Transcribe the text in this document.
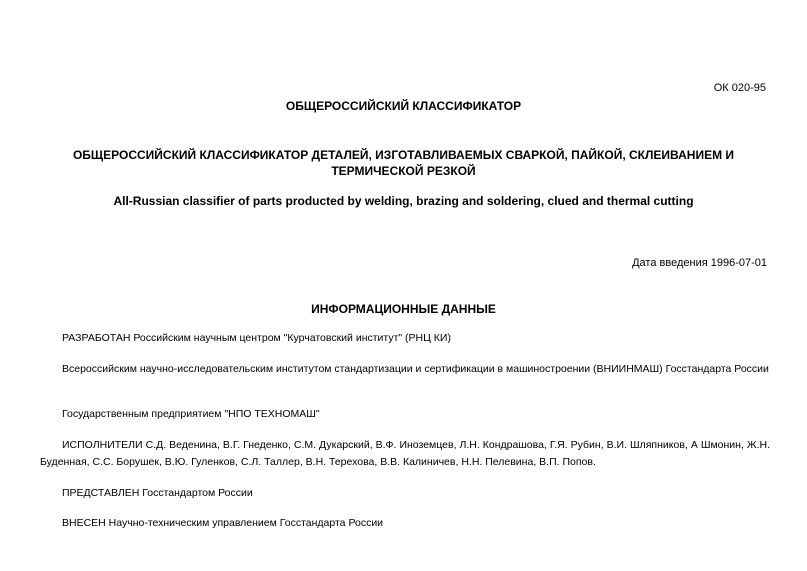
ОК 020-95
ОБЩЕРОССИЙСКИЙ КЛАССИФИКАТОР
ОБЩЕРОССИЙСКИЙ КЛАССИФИКАТОР ДЕТАЛЕЙ, ИЗГОТАВЛИВАЕМЫХ СВАРКОЙ, ПАЙКОЙ, СКЛЕИВАНИЕМ И ТЕРМИЧЕСКОЙ РЕЗКОЙ
All-Russian classifier of parts producted by welding, brazing and soldering, clued and thermal cutting
Дата введения 1996-07-01
ИНФОРМАЦИОННЫЕ ДАННЫЕ
РАЗРАБОТАН Российским научным центром "Курчатовский институт" (РНЦ КИ)
Всероссийским научно-исследовательским институтом стандартизации и сертификации в машиностроении (ВНИИНМАШ) Госстандарта России
Государственным предприятием "НПО ТЕХНОМАШ"
ИСПОЛНИТЕЛИ С.Д. Веденина, В.Г. Гнеденко, С.М. Дукарский, В.Ф. Иноземцев, Л.Н. Кондрашова, Г.Я. Рубин, В.И. Шляпников, А Шмонин, Ж.Н. Буденная, С.С. Борушек, В.Ю. Гуленков, С.Л. Таллер, В.Н. Терехова, В.В. Калиничев, Н.Н. Пелевина, В.П. Попов.
ПРЕДСТАВЛЕН Госстандартом России
ВНЕСЕН Научно-техническим управлением Госстандарта России
